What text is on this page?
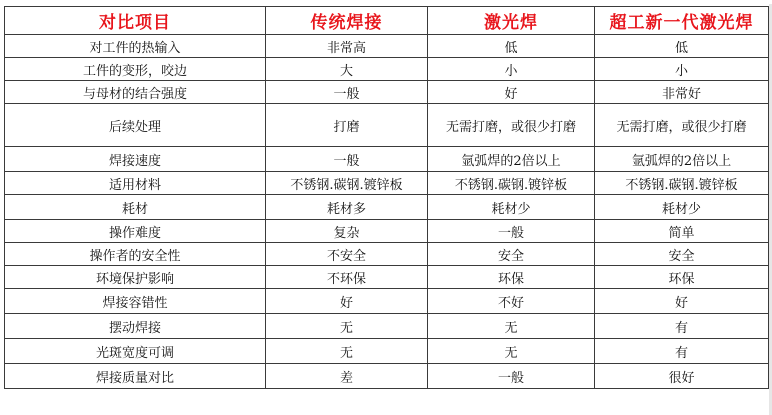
对比项目	传统焊接	激光焊	超工新一代激光焊
对工件的热输入	非常高	低	低
工件的变形，咬边	大	小	小
与母材的结合强度	一般	好	非常好
后续处理	打磨	无需打磨，或很少打磨	无需打磨，或很少打磨
焊接速度	一般	氩弧焊的2倍以上	氩弧焊的2倍以上
适用材料	不锈钢.碳钢.镀锌板	不锈钢.碳钢.镀锌板	不锈钢.碳钢.镀锌板
耗材	耗材多	耗材少	耗材少
操作难度	复杂	一般	简单
操作者的安全性	不安全	安全	安全
环境保护影响	不环保	环保	环保
焊接容错性	好	不好	好
摆动焊接	无	无	有
光斑宽度可调	无	无	有
焊接质量对比	差	一般	很好
